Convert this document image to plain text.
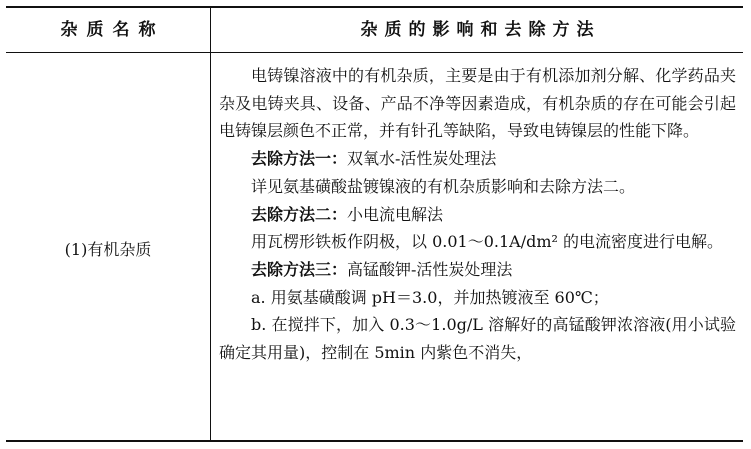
杂质名称	杂质的影响和去除方法
(1)有机杂质

电铸镍溶液中的有机杂质，主要是由于有机添加剂分解、化学药品夹杂及电铸夹具、设备、产品不净等因素造成，有机杂质的存在可能会引起电铸镍层颜色不正常，并有针孔等缺陷，导致电铸镍层的性能下降。

去除方法一：双氧水-活性炭处理法

详见氨基磺酸盐镀镍液的有机杂质影响和去除方法二。

去除方法二：小电流电解法

用瓦楞形铁板作阴极，以 0.01～0.1A/dm² 的电流密度进行电解。

去除方法三：高锰酸钾-活性炭处理法

a. 用氨基磺酸调 pH＝3.0，并加热镀液至 60℃；

b. 在搅拌下，加入 0.3～1.0g/L 溶解好的高锰酸钾浓溶液(用小试验确定其用量)，控制在 5min 内紫色不消失，
